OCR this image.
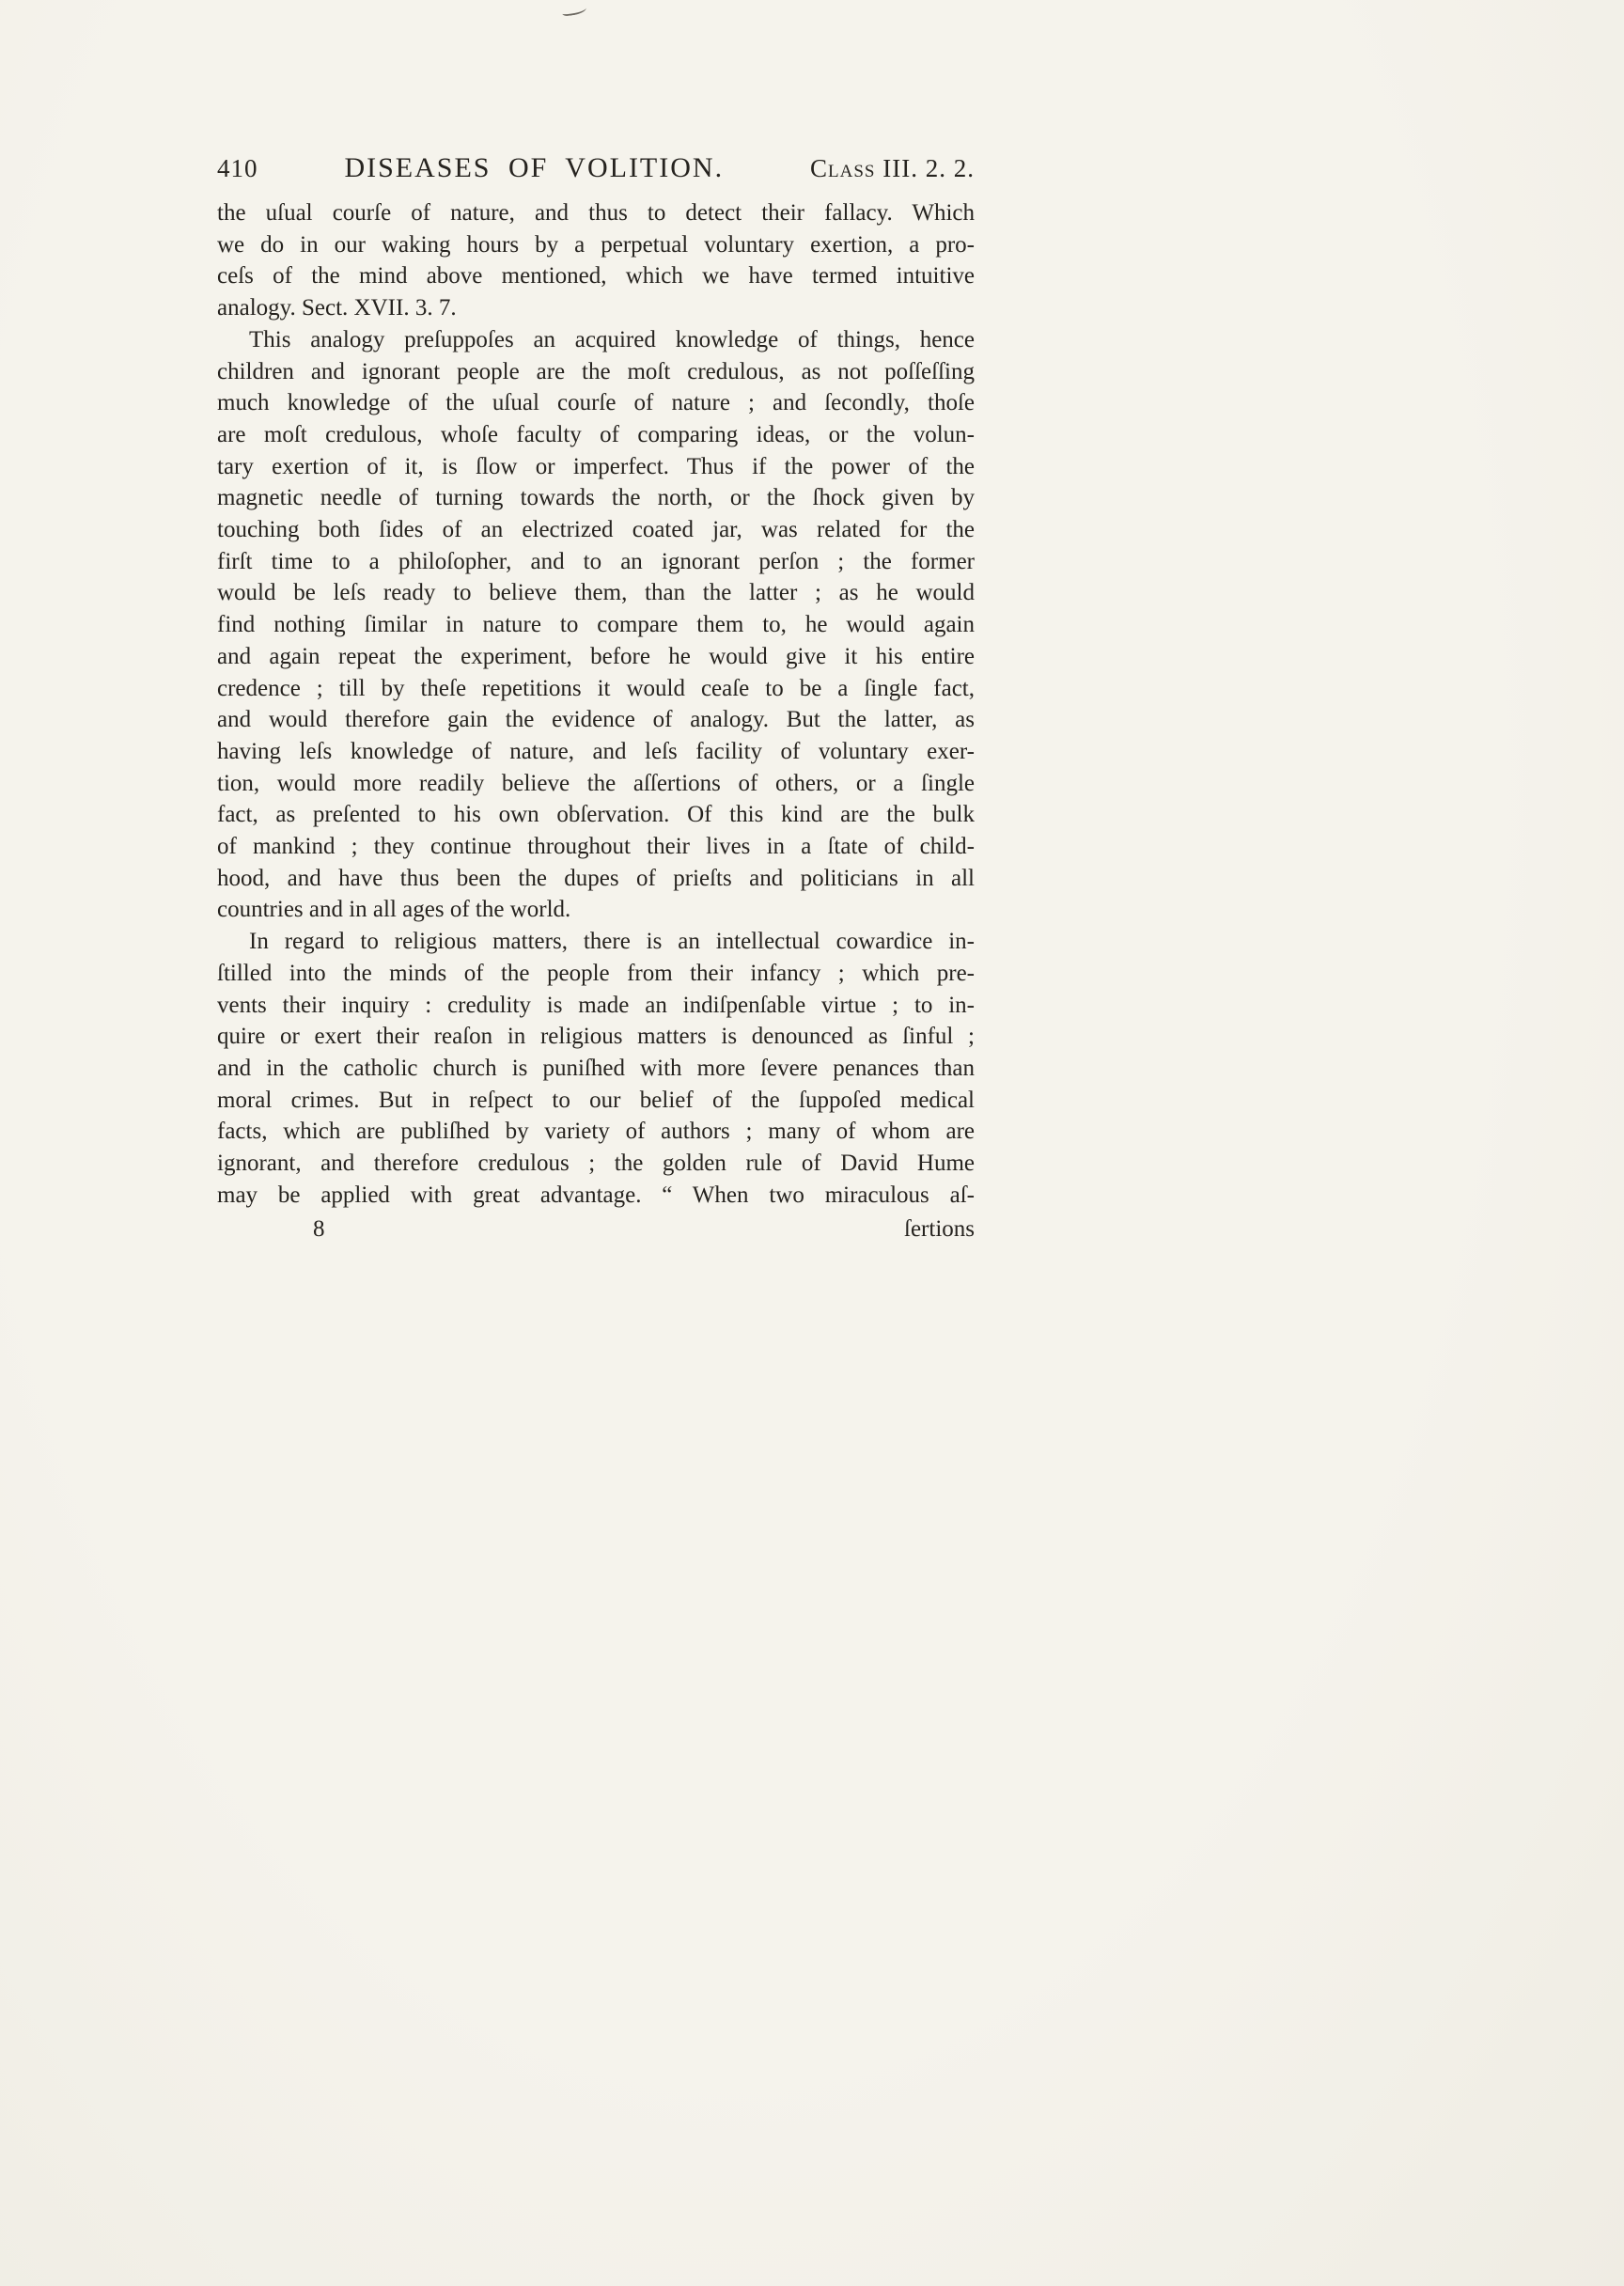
410	DISEASES OF VOLITION.	Class III. 2. 2.
the uſual courſe of nature, and thus to detect their fallacy. Which
we do in our waking hours by a perpetual voluntary exertion, a pro-
ceſs of the mind above mentioned, which we have termed intuitive
analogy. Sect. XVII. 3. 7.
This analogy preſuppoſes an acquired knowledge of things, hence
children and ignorant people are the moſt credulous, as not poſſeſſing
much knowledge of the uſual courſe of nature ; and ſecondly, thoſe
are moſt credulous, whoſe faculty of comparing ideas, or the volun-
tary exertion of it, is ſlow or imperfect. Thus if the power of the
magnetic needle of turning towards the north, or the ſhock given by
touching both ſides of an electrized coated jar, was related for the
firſt time to a philoſopher, and to an ignorant perſon ; the former
would be leſs ready to believe them, than the latter ; as he would
find nothing ſimilar in nature to compare them to, he would again
and again repeat the experiment, before he would give it his entire
credence ; till by theſe repetitions it would ceaſe to be a ſingle fact,
and would therefore gain the evidence of analogy. But the latter, as
having leſs knowledge of nature, and leſs facility of voluntary exer-
tion, would more readily believe the aſſertions of others, or a ſingle
fact, as preſented to his own obſervation. Of this kind are the bulk
of mankind ; they continue throughout their lives in a ſtate of child-
hood, and have thus been the dupes of prieſts and politicians in all
countries and in all ages of the world.
In regard to religious matters, there is an intellectual cowardice in-
ſtilled into the minds of the people from their infancy ; which pre-
vents their inquiry : credulity is made an indiſpenſable virtue ; to in-
quire or exert their reaſon in religious matters is denounced as ſinful ;
and in the catholic church is puniſhed with more ſevere penances than
moral crimes. But in reſpect to our belief of the ſuppoſed medical
facts, which are publiſhed by variety of authors ; many of whom are
ignorant, and therefore credulous ; the golden rule of David Hume
may be applied with great advantage. “ When two miraculous aſ-
8	ſertions
